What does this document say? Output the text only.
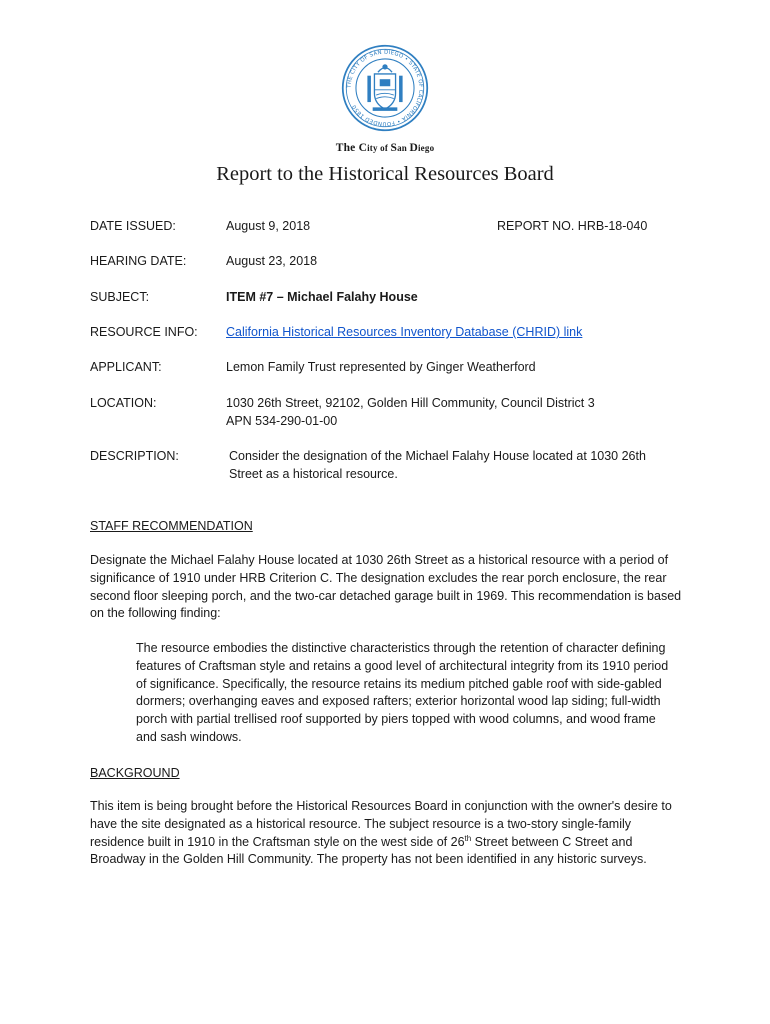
THE CITY OF SAN DIEGO • STATE OF CALIFORNIA • FOUNDED 1850
The City of San Diego
Report to the Historical Resources Board
DATE ISSUED:	August 9, 2018	REPORT NO. HRB-18-040
HEARING DATE:	August 23, 2018
SUBJECT:	ITEM #7 – Michael Falahy House
RESOURCE INFO: California Historical Resources Inventory Database (CHRID) link
APPLICANT:	Lemon Family Trust represented by Ginger Weatherford
LOCATION:	1030 26th Street, 92102, Golden Hill Community, Council District 3
APN 534-290-01-00
DESCRIPTION:	Consider the designation of the Michael Falahy House located at 1030 26th Street as a historical resource.
STAFF RECOMMENDATION

Designate the Michael Falahy House located at 1030 26th Street as a historical resource with a period of significance of 1910 under HRB Criterion C. The designation excludes the rear porch enclosure, the rear second floor sleeping porch, and the two-car detached garage built in 1969. This recommendation is based on the following finding:

The resource embodies the distinctive characteristics through the retention of character defining features of Craftsman style and retains a good level of architectural integrity from its 1910 period of significance. Specifically, the resource retains its medium pitched gable roof with side-gabled dormers; overhanging eaves and exposed rafters; exterior horizontal wood lap siding; full-width porch with partial trellised roof supported by piers topped with wood columns, and wood frame and sash windows.

BACKGROUND

This item is being brought before the Historical Resources Board in conjunction with the owner's desire to have the site designated as a historical resource. The subject resource is a two-story single-family residence built in 1910 in the Craftsman style on the west side of 26th Street between C Street and Broadway in the Golden Hill Community. The property has not been identified in any historic surveys.
